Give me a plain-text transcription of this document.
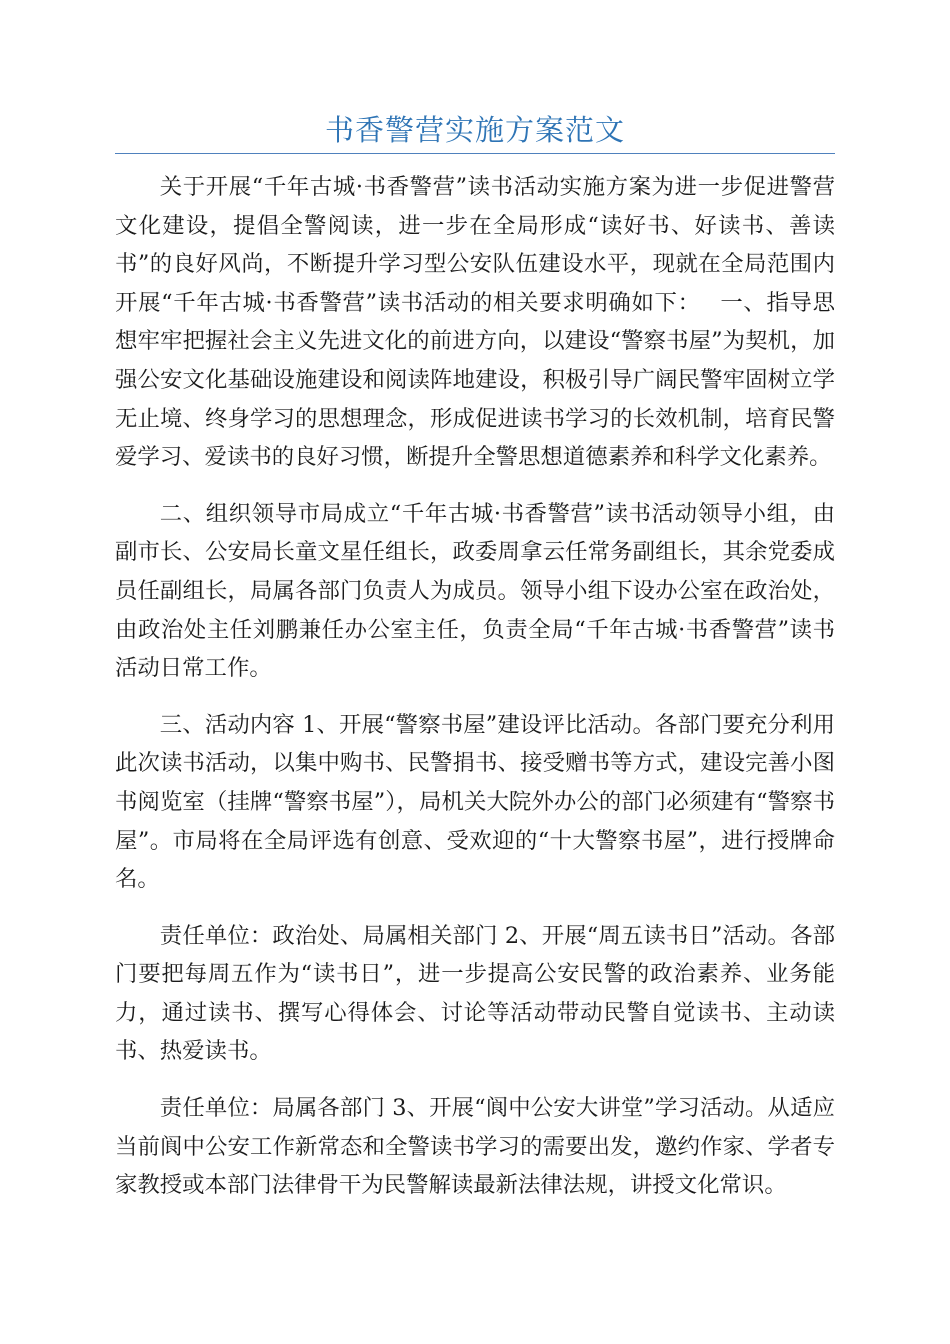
书香警营实施方案范文

关于开展“千年古城·书香警营”读书活动实施方案为进一步促进警营文化建设，提倡全警阅读，进一步在全局形成“读好书、好读书、善读书”的良好风尚，不断提升学习型公安队伍建设水平，现就在全局范围内开展“千年古城·书香警营”读书活动的相关要求明确如下：　 一、指导思想牢牢把握社会主义先进文化的前进方向，以建设“警察书屋”为契机，加强公安文化基础设施建设和阅读阵地建设，积极引导广阔民警牢固树立学无止境、终身学习的思想理念，形成促进读书学习的长效机制，培育民警爱学习、爱读书的良好习惯，断提升全警思想道德素养和科学文化素养。

二、组织领导市局成立“千年古城·书香警营”读书活动领导小组，由副市长、公安局长童文星任组长，政委周拿云任常务副组长，其余党委成员任副组长，局属各部门负责人为成员。领导小组下设办公室在政治处，由政治处主任刘鹏兼任办公室主任，负责全局“千年古城·书香警营”读书活动日常工作。

三、活动内容 1、开展“警察书屋”建设评比活动。各部门要充分利用此次读书活动，以集中购书、民警捐书、接受赠书等方式，建设完善小图书阅览室（挂牌“警察书屋”），局机关大院外办公的部门必须建有“警察书屋”。市局将在全局评选有创意、受欢迎的“十大警察书屋”，进行授牌命名。

责任单位：政治处、局属相关部门 2、开展“周五读书日”活动。各部门要把每周五作为“读书日”，进一步提高公安民警的政治素养、业务能力，通过读书、撰写心得体会、讨论等活动带动民警自觉读书、主动读书、热爱读书。

责任单位：局属各部门 3、开展“阆中公安大讲堂”学习活动。从适应当前阆中公安工作新常态和全警读书学习的需要出发，邀约作家、学者专家教授或本部门法律骨干为民警解读最新法律法规，讲授文化常识。
